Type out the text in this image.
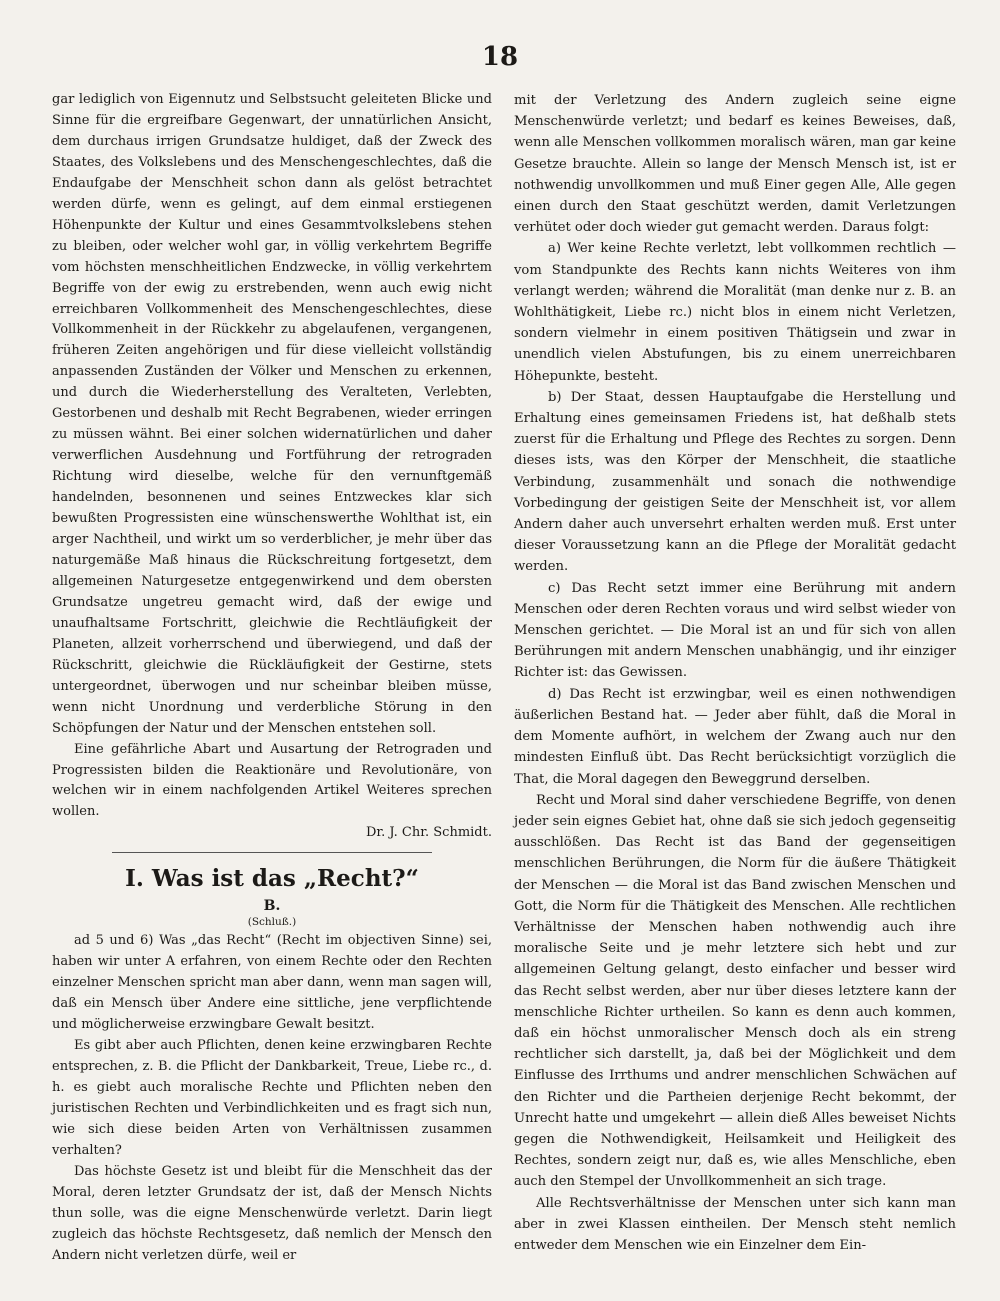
18

gar lediglich von Eigennutz und Selbstsucht geleiteten Blicke und Sinne für die ergreifbare Gegenwart, der unnatürlichen Ansicht, dem durchaus irrigen Grundsatze huldiget, daß der Zweck des Staates, des Volkslebens und des Menschengeschlechtes, daß die Endaufgabe der Menschheit schon dann als gelöst betrachtet werden dürfe, wenn es gelingt, auf dem einmal erstiegenen Höhenpunkte der Kultur und eines Gesammtvolkslebens stehen zu bleiben, oder welcher wohl gar, in völlig verkehrtem Begriffe vom höchsten menschheitlichen Endzwecke, in völlig verkehrtem Begriffe von der ewig zu erstrebenden, wenn auch ewig nicht erreichbaren Vollkommenheit des Menschengeschlechtes, diese Vollkommenheit in der Rückkehr zu abgelaufenen, vergangenen, früheren Zeiten angehörigen und für diese vielleicht vollständig anpassenden Zuständen der Völker und Menschen zu erkennen, und durch die Wiederherstellung des Veralteten, Verlebten, Gestorbenen und deshalb mit Recht Begrabenen, wieder erringen zu müssen wähnt. Bei einer solchen widernatürlichen und daher verwerflichen Ausdehnung und Fortführung der retrograden Richtung wird dieselbe, welche für den vernunftgemäß handelnden, besonnenen und seines Entzweckes klar sich bewußten Progressisten eine wünschenswerthe Wohlthat ist, ein arger Nachtheil, und wirkt um so verderblicher, je mehr über das naturgemäße Maß hinaus die Rückschreitung fortgesetzt, dem allgemeinen Naturgesetze entgegenwirkend und dem obersten Grundsatze ungetreu gemacht wird, daß der ewige und unaufhaltsame Fortschritt, gleichwie die Rechtläufigkeit der Planeten, allzeit vorherrschend und überwiegend, und daß der Rückschritt, gleichwie die Rückläufigkeit der Gestirne, stets untergeordnet, überwogen und nur scheinbar bleiben müsse, wenn nicht Unordnung und verderbliche Störung in den Schöpfungen der Natur und der Menschen entstehen soll.

Eine gefährliche Abart und Ausartung der Retrograden und Progressisten bilden die Reaktionäre und Revolutionäre, von welchen wir in einem nachfolgenden Artikel Weiteres sprechen wollen.

Dr. J. Chr. Schmidt.
I. Was ist das „Recht?“
B.
(Schluß.)

ad 5 und 6) Was „das Recht“ (Recht im objectiven Sinne) sei, haben wir unter A erfahren, von einem Rechte oder den Rechten einzelner Menschen spricht man aber dann, wenn man sagen will, daß ein Mensch über Andere eine sittliche, jene verpflichtende und möglicherweise erzwingbare Gewalt besitzt.

Es gibt aber auch Pflichten, denen keine erzwingbaren Rechte entsprechen, z. B. die Pflicht der Dankbarkeit, Treue, Liebe rc., d. h. es giebt auch moralische Rechte und Pflichten neben den juristischen Rechten und Verbindlichkeiten und es fragt sich nun, wie sich diese beiden Arten von Verhältnissen zusammen verhalten?

Das höchste Gesetz ist und bleibt für die Menschheit das der Moral, deren letzter Grundsatz der ist, daß der Mensch Nichts thun solle, was die eigne Menschenwürde verletzt. Darin liegt zugleich das höchste Rechtsgesetz, daß nemlich der Mensch den Andern nicht verletzen dürfe, weil er

mit der Verletzung des Andern zugleich seine eigne Menschenwürde verletzt; und bedarf es keines Beweises, daß, wenn alle Menschen vollkommen moralisch wären, man gar keine Gesetze brauchte. Allein so lange der Mensch Mensch ist, ist er nothwendig unvollkommen und muß Einer gegen Alle, Alle gegen einen durch den Staat geschützt werden, damit Verletzungen verhütet oder doch wieder gut gemacht werden. Daraus folgt:

a) Wer keine Rechte verletzt, lebt vollkommen rechtlich — vom Standpunkte des Rechts kann nichts Weiteres von ihm verlangt werden; während die Moralität (man denke nur z. B. an Wohlthätigkeit, Liebe rc.) nicht blos in einem nicht Verletzen, sondern vielmehr in einem positiven Thätigsein und zwar in unendlich vielen Abstufungen, bis zu einem unerreichbaren Höhepunkte, besteht.

b) Der Staat, dessen Hauptaufgabe die Herstellung und Erhaltung eines gemeinsamen Friedens ist, hat deßhalb stets zuerst für die Erhaltung und Pflege des Rechtes zu sorgen. Denn dieses ists, was den Körper der Menschheit, die staatliche Verbindung, zusammenhält und sonach die nothwendige Vorbedingung der geistigen Seite der Menschheit ist, vor allem Andern daher auch unversehrt erhalten werden muß. Erst unter dieser Voraussetzung kann an die Pflege der Moralität gedacht werden.

c) Das Recht setzt immer eine Berührung mit andern Menschen oder deren Rechten voraus und wird selbst wieder von Menschen gerichtet. — Die Moral ist an und für sich von allen Berührungen mit andern Menschen unabhängig, und ihr einziger Richter ist: das Gewissen.

d) Das Recht ist erzwingbar, weil es einen nothwendigen äußerlichen Bestand hat. — Jeder aber fühlt, daß die Moral in dem Momente aufhört, in welchem der Zwang auch nur den mindesten Einfluß übt. Das Recht berücksichtigt vorzüglich die That, die Moral dagegen den Beweggrund derselben.

Recht und Moral sind daher verschiedene Begriffe, von denen jeder sein eignes Gebiet hat, ohne daß sie sich jedoch gegenseitig ausschlößen. Das Recht ist das Band der gegenseitigen menschlichen Berührungen, die Norm für die äußere Thätigkeit der Menschen — die Moral ist das Band zwischen Menschen und Gott, die Norm für die Thätigkeit des Menschen. Alle rechtlichen Verhältnisse der Menschen haben nothwendig auch ihre moralische Seite und je mehr letztere sich hebt und zur allgemeinen Geltung gelangt, desto einfacher und besser wird das Recht selbst werden, aber nur über dieses letztere kann der menschliche Richter urtheilen. So kann es denn auch kommen, daß ein höchst unmoralischer Mensch doch als ein streng rechtlicher sich darstellt, ja, daß bei der Möglichkeit und dem Einflusse des Irrthums und andrer menschlichen Schwächen auf den Richter und die Partheien derjenige Recht bekommt, der Unrecht hatte und umgekehrt — allein dieß Alles beweiset Nichts gegen die Nothwendigkeit, Heilsamkeit und Heiligkeit des Rechtes, sondern zeigt nur, daß es, wie alles Menschliche, eben auch den Stempel der Unvollkommenheit an sich trage.

Alle Rechtsverhältnisse der Menschen unter sich kann man aber in zwei Klassen eintheilen. Der Mensch steht nemlich entweder dem Menschen wie ein Einzelner dem Ein-
